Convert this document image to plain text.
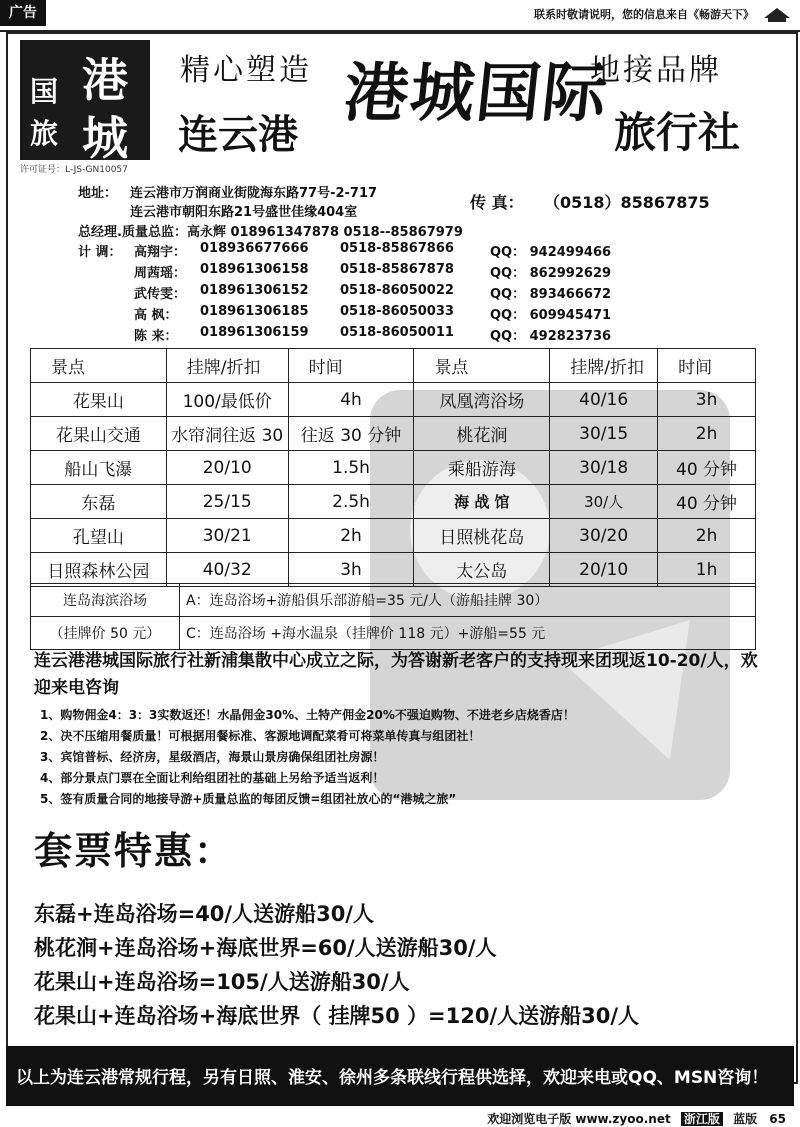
广告	联系时敬请说明，您的信息来自《畅游天下》
港
国
城
旅
许可证号：L-JS-GN10057
精心塑造	地接品牌
连云港
港城国际
旅行社
地址： 连云港市万润商业街陇海东路77号-2-717
连云港市朝阳东路21号盛世佳缘404室
传 真： （0518）85867875
总经理.质量总监：高永辉 018961347878 0518--85867979
计 调： 高翔宇： 018936677666 0518-85867866	QQ： 942499466
周茜瑶： 018961306158 0518-85867878	QQ： 862992629
武传雯： 018961306152 0518-86050022	QQ： 893466672
高 枫： 018961306185 0518-86050033	QQ： 609945471
陈 来： 018961306159 0518-86050011	QQ： 492823736
景点	挂牌/折扣	时间	景点	挂牌/折扣	时间
花果山	100/最低价	4h	凤凰湾浴场	40/16	3h
花果山交通	水帘洞往返 30	往返 30 分钟	桃花涧	30/15	2h
船山飞瀑	20/10	1.5h	乘船游海	30/18	40 分钟
东磊	25/15	2.5h	海 战 馆	30/人	40 分钟
孔望山	30/21	2h	日照桃花岛	30/20	2h
日照森林公园	40/32	3h	太公岛	20/10	1h
连岛海滨浴场	A：连岛浴场+游船俱乐部游船=35 元/人（游船挂牌 30）
（挂牌价 50 元）	C：连岛浴场 +海水温泉（挂牌价 118 元）+游船=55 元
连云港港城国际旅行社新浦集散中心成立之际，为答谢新老客户的支持现来团现返10-20/人，欢迎来电咨询
1、购物佣金4：3：3实数返还！水晶佣金30%、土特产佣金20%不强迫购物、不进老乡店烧香店！
2、决不压缩用餐质量！可根据用餐标准、客源地调配菜肴可将菜单传真与组团社！
3、宾馆普标、经济房，星级酒店，海景山景房确保组团社房源！
4、部分景点门票在全面让利给组团社的基础上另给予适当返利！
5、签有质量合同的地接导游+质量总监的每团反馈=组团社放心的“港城之旅”
套票特惠：
东磊+连岛浴场=40/人送游船30/人
桃花涧+连岛浴场+海底世界=60/人送游船30/人
花果山+连岛浴场=105/人送游船30/人
花果山+连岛浴场+海底世界（ 挂牌50 ）=120/人送游船30/人
以上为连云港常规行程，另有日照、淮安、徐州多条联线行程供选择，欢迎来电或QQ、MSN咨询！
欢迎浏览电子版 www.zyoo.net 浙江版 蓝版 65
